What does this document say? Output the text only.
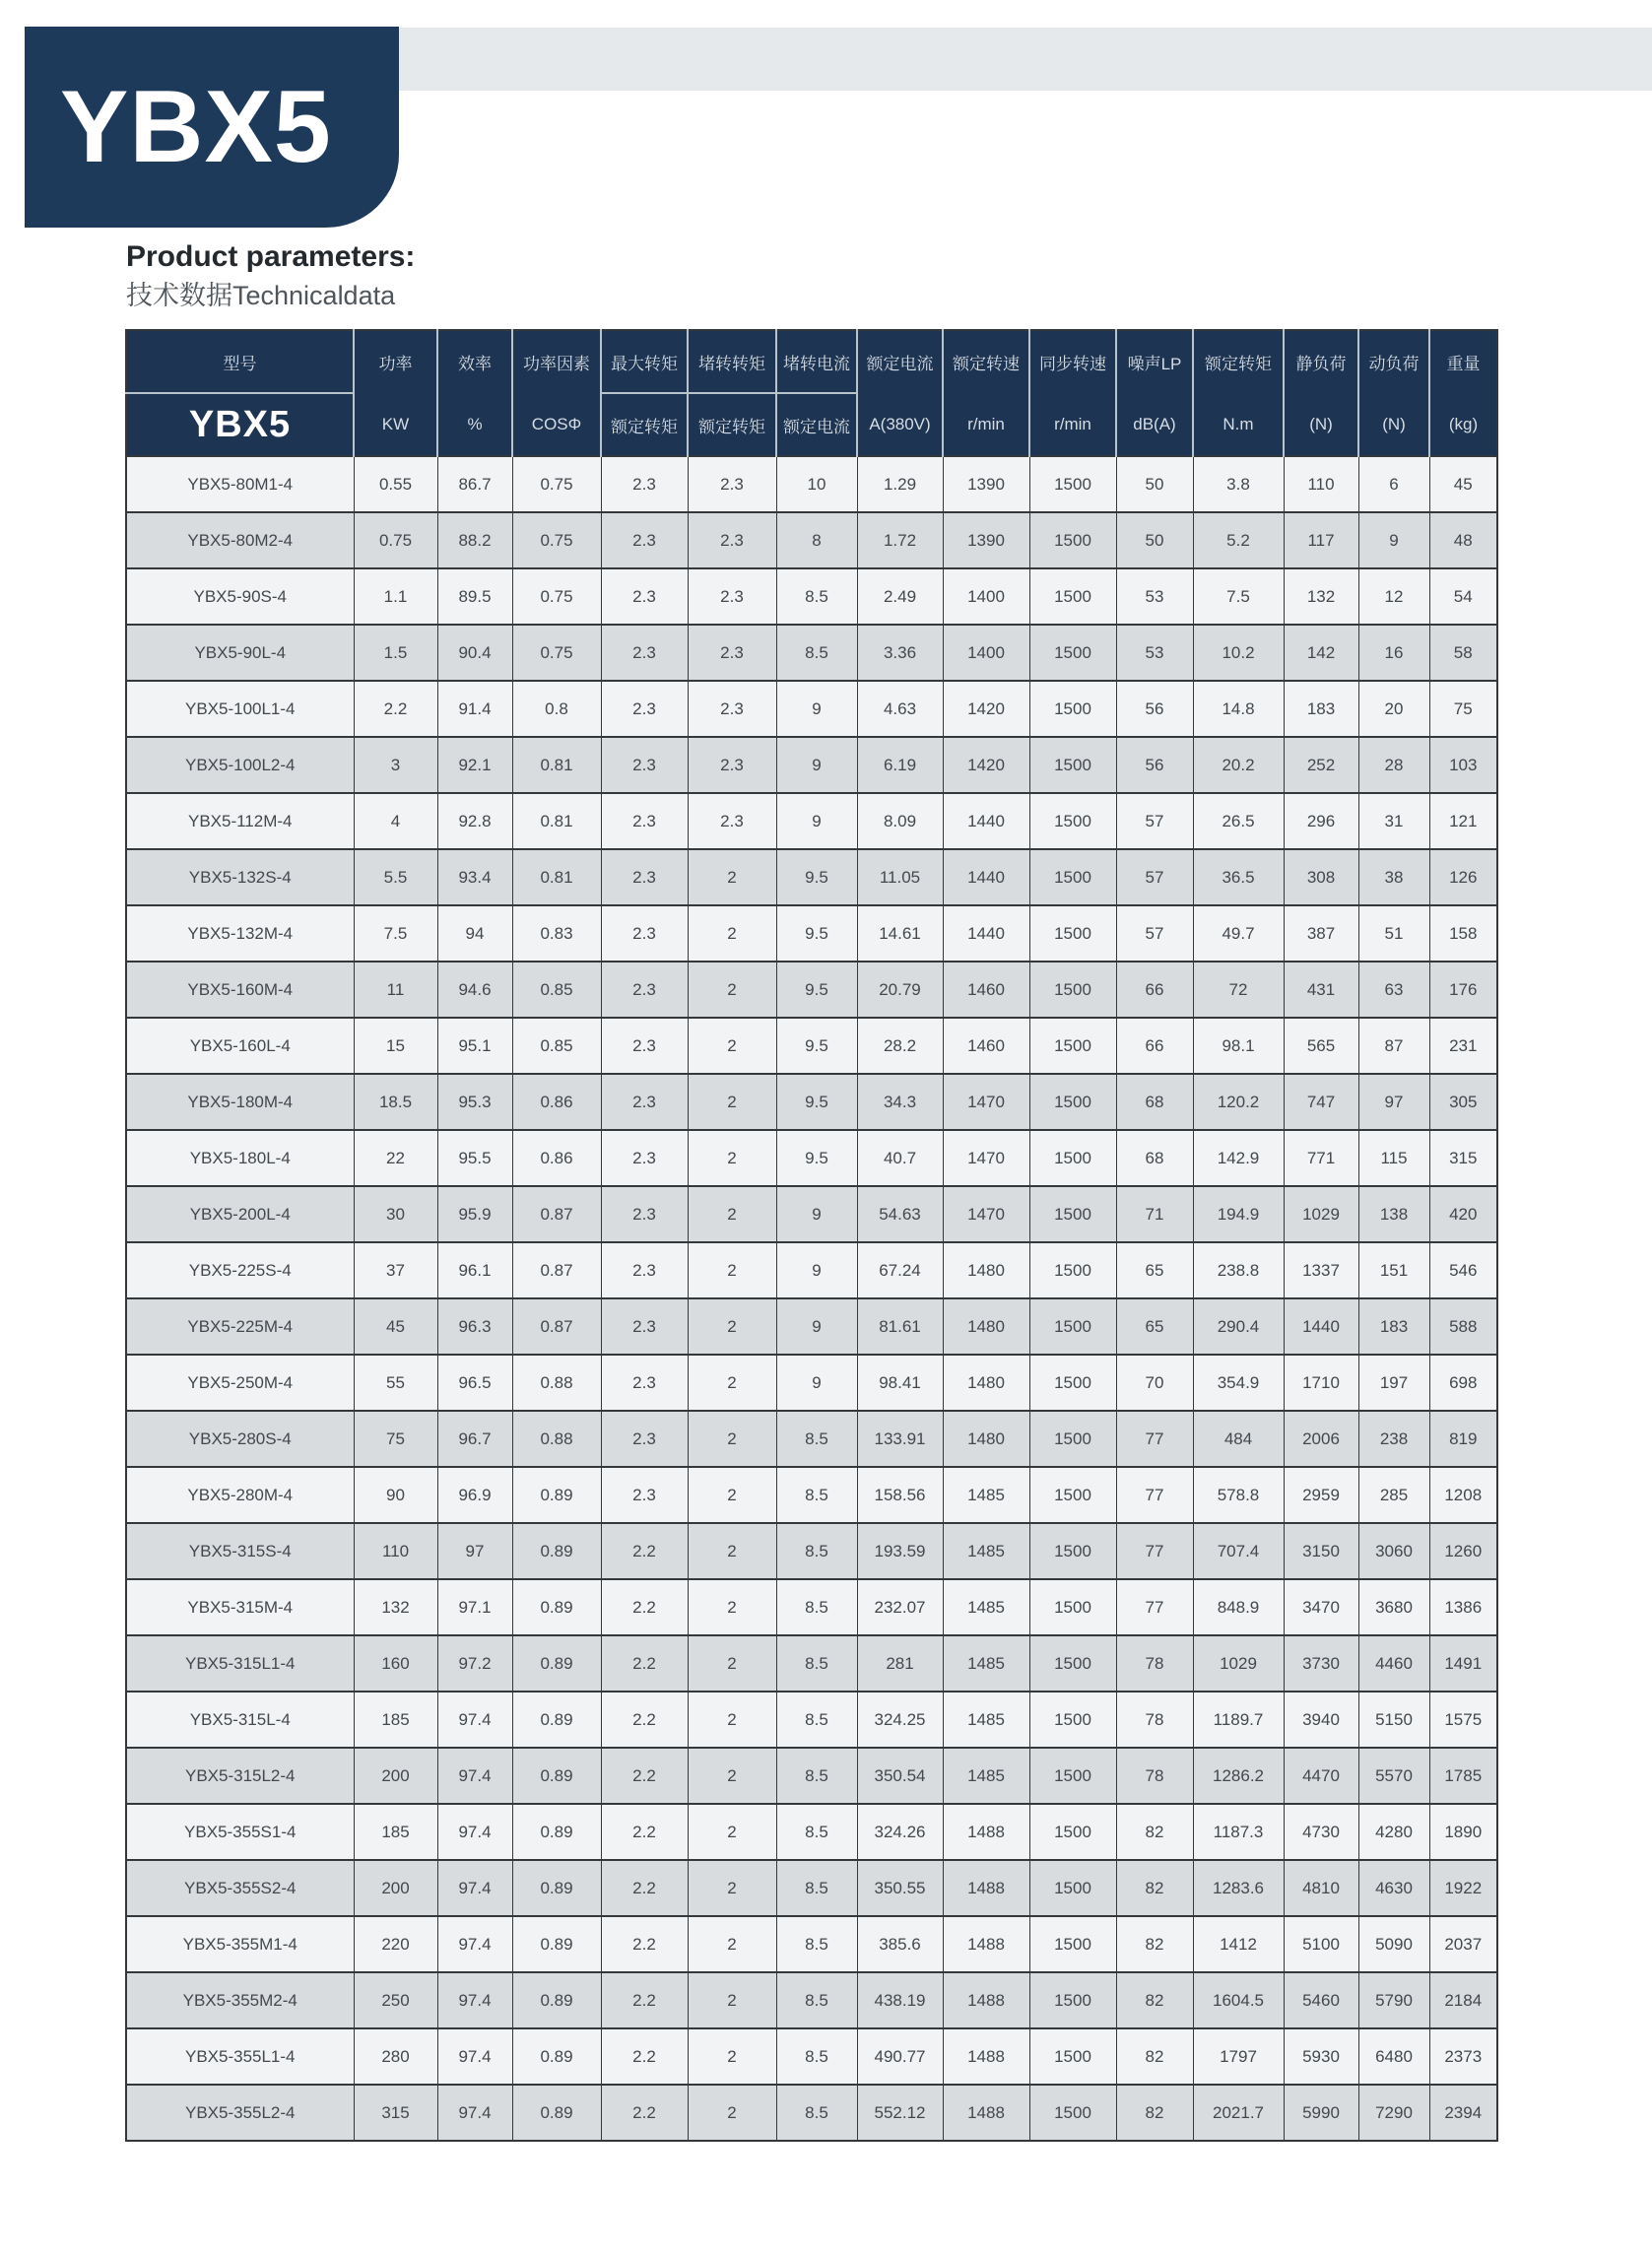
YBX5
Product parameters:
技术数据Technicaldata
型号	功率	效率	功率因素	最大转矩	堵转转矩	堵转电流	额定电流	额定转速	同步转速	噪声LP	额定转矩	静负荷	动负荷	重量
YBX5	KW	%	COSΦ	额定转矩	额定转矩	额定电流	A(380V)	r/min	r/min	dB(A)	N.m	(N)	(N)	(kg)
YBX5-80M1-4	0.55	86.7	0.75	2.3	2.3	10	1.29	1390	1500	50	3.8	110	6	45
YBX5-80M2-4	0.75	88.2	0.75	2.3	2.3	8	1.72	1390	1500	50	5.2	117	9	48
YBX5-90S-4	1.1	89.5	0.75	2.3	2.3	8.5	2.49	1400	1500	53	7.5	132	12	54
YBX5-90L-4	1.5	90.4	0.75	2.3	2.3	8.5	3.36	1400	1500	53	10.2	142	16	58
YBX5-100L1-4	2.2	91.4	0.8	2.3	2.3	9	4.63	1420	1500	56	14.8	183	20	75
YBX5-100L2-4	3	92.1	0.81	2.3	2.3	9	6.19	1420	1500	56	20.2	252	28	103
YBX5-112M-4	4	92.8	0.81	2.3	2.3	9	8.09	1440	1500	57	26.5	296	31	121
YBX5-132S-4	5.5	93.4	0.81	2.3	2	9.5	11.05	1440	1500	57	36.5	308	38	126
YBX5-132M-4	7.5	94	0.83	2.3	2	9.5	14.61	1440	1500	57	49.7	387	51	158
YBX5-160M-4	11	94.6	0.85	2.3	2	9.5	20.79	1460	1500	66	72	431	63	176
YBX5-160L-4	15	95.1	0.85	2.3	2	9.5	28.2	1460	1500	66	98.1	565	87	231
YBX5-180M-4	18.5	95.3	0.86	2.3	2	9.5	34.3	1470	1500	68	120.2	747	97	305
YBX5-180L-4	22	95.5	0.86	2.3	2	9.5	40.7	1470	1500	68	142.9	771	115	315
YBX5-200L-4	30	95.9	0.87	2.3	2	9	54.63	1470	1500	71	194.9	1029	138	420
YBX5-225S-4	37	96.1	0.87	2.3	2	9	67.24	1480	1500	65	238.8	1337	151	546
YBX5-225M-4	45	96.3	0.87	2.3	2	9	81.61	1480	1500	65	290.4	1440	183	588
YBX5-250M-4	55	96.5	0.88	2.3	2	9	98.41	1480	1500	70	354.9	1710	197	698
YBX5-280S-4	75	96.7	0.88	2.3	2	8.5	133.91	1480	1500	77	484	2006	238	819
YBX5-280M-4	90	96.9	0.89	2.3	2	8.5	158.56	1485	1500	77	578.8	2959	285	1208
YBX5-315S-4	110	97	0.89	2.2	2	8.5	193.59	1485	1500	77	707.4	3150	3060	1260
YBX5-315M-4	132	97.1	0.89	2.2	2	8.5	232.07	1485	1500	77	848.9	3470	3680	1386
YBX5-315L1-4	160	97.2	0.89	2.2	2	8.5	281	1485	1500	78	1029	3730	4460	1491
YBX5-315L-4	185	97.4	0.89	2.2	2	8.5	324.25	1485	1500	78	1189.7	3940	5150	1575
YBX5-315L2-4	200	97.4	0.89	2.2	2	8.5	350.54	1485	1500	78	1286.2	4470	5570	1785
YBX5-355S1-4	185	97.4	0.89	2.2	2	8.5	324.26	1488	1500	82	1187.3	4730	4280	1890
YBX5-355S2-4	200	97.4	0.89	2.2	2	8.5	350.55	1488	1500	82	1283.6	4810	4630	1922
YBX5-355M1-4	220	97.4	0.89	2.2	2	8.5	385.6	1488	1500	82	1412	5100	5090	2037
YBX5-355M2-4	250	97.4	0.89	2.2	2	8.5	438.19	1488	1500	82	1604.5	5460	5790	2184
YBX5-355L1-4	280	97.4	0.89	2.2	2	8.5	490.77	1488	1500	82	1797	5930	6480	2373
YBX5-355L2-4	315	97.4	0.89	2.2	2	8.5	552.12	1488	1500	82	2021.7	5990	7290	2394
